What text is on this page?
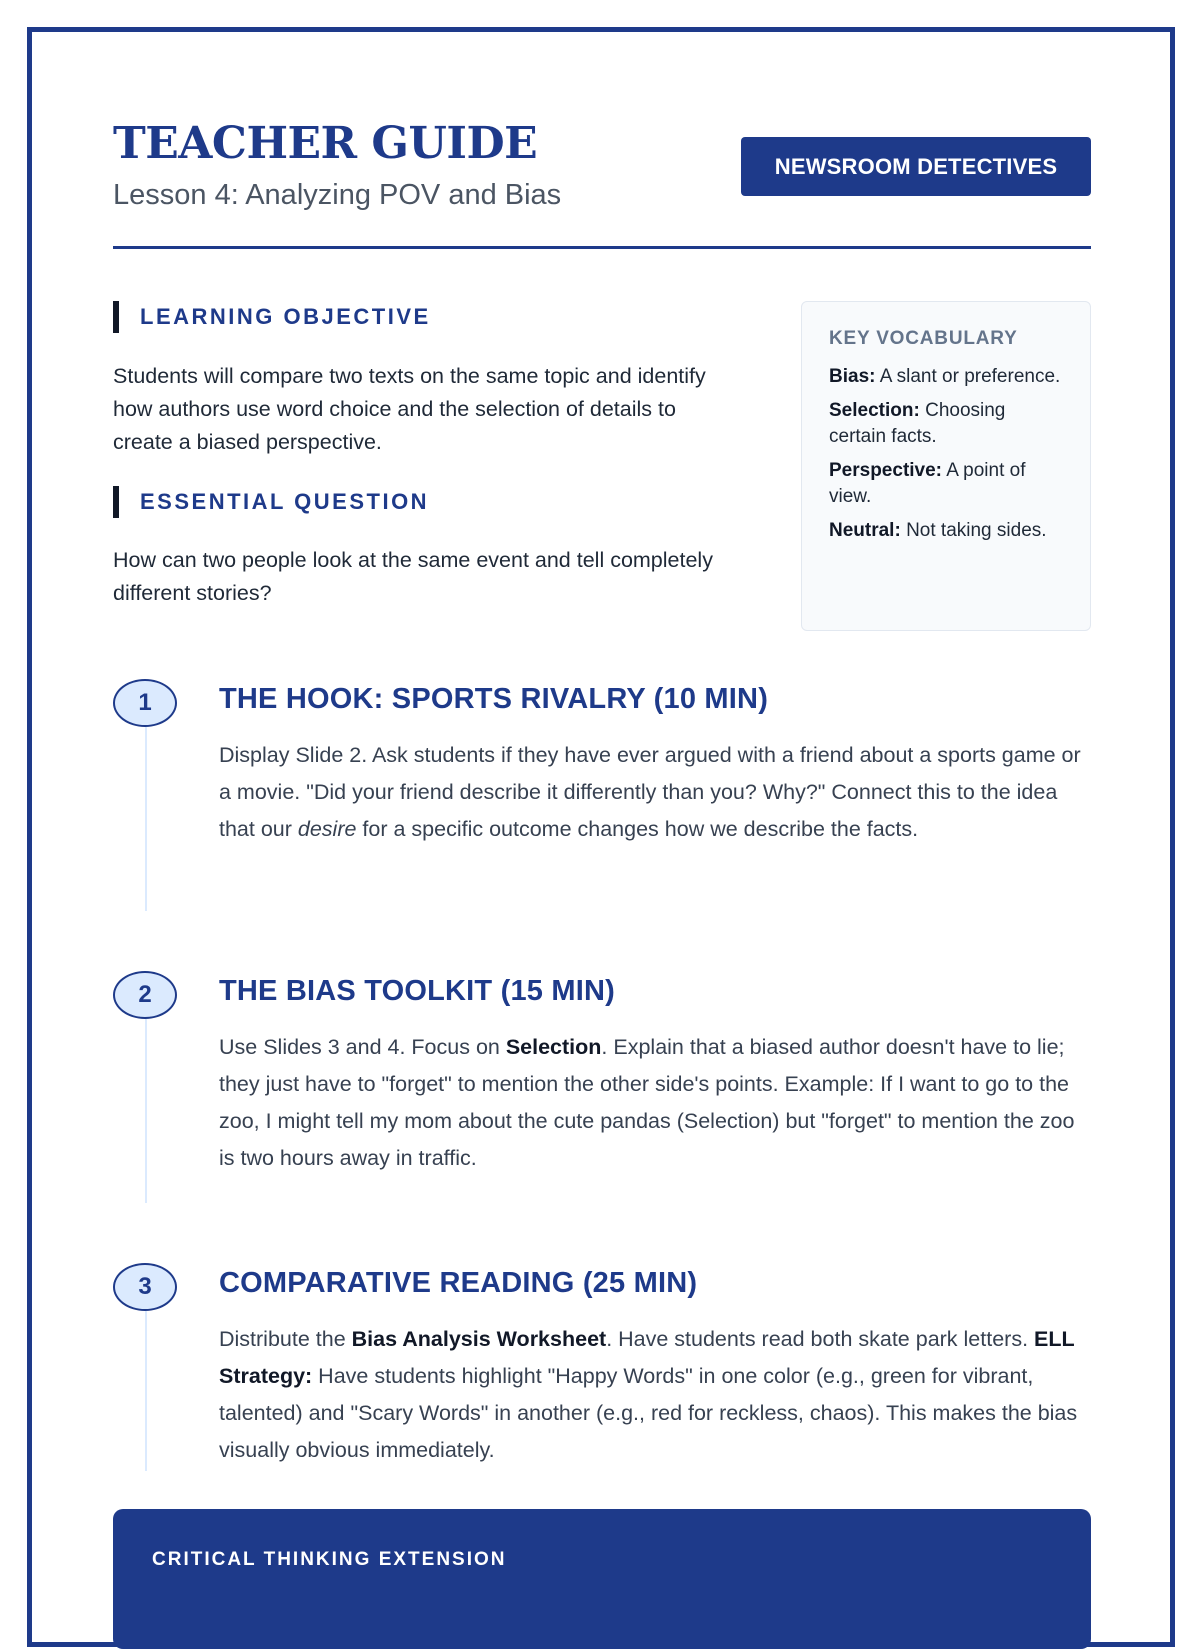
TEACHER GUIDE
Lesson 4: Analyzing POV and Bias
NEWSROOM DETECTIVES
LEARNING OBJECTIVE
Students will compare two texts on the same topic and identify how authors use word choice and the selection of details to create a biased perspective.
ESSENTIAL QUESTION
How can two people look at the same event and tell completely different stories?
KEY VOCABULARY
Bias: A slant or preference.
Selection: Choosing certain facts.
Perspective: A point of view.
Neutral: Not taking sides.
1	THE HOOK: SPORTS RIVALRY (10 MIN)
Display Slide 2. Ask students if they have ever argued with a friend about a sports game or a movie. "Did your friend describe it differently than you? Why?" Connect this to the idea that our desire for a specific outcome changes how we describe the facts.
2	THE BIAS TOOLKIT (15 MIN)
Use Slides 3 and 4. Focus on Selection. Explain that a biased author doesn't have to lie; they just have to "forget" to mention the other side's points. Example: If I want to go to the zoo, I might tell my mom about the cute pandas (Selection) but "forget" to mention the zoo is two hours away in traffic.
3	COMPARATIVE READING (25 MIN)
Distribute the Bias Analysis Worksheet. Have students read both skate park letters. ELL Strategy: Have students highlight "Happy Words" in one color (e.g., green for vibrant, talented) and "Scary Words" in another (e.g., red for reckless, chaos). This makes the bias visually obvious immediately.
CRITICAL THINKING EXTENSION
